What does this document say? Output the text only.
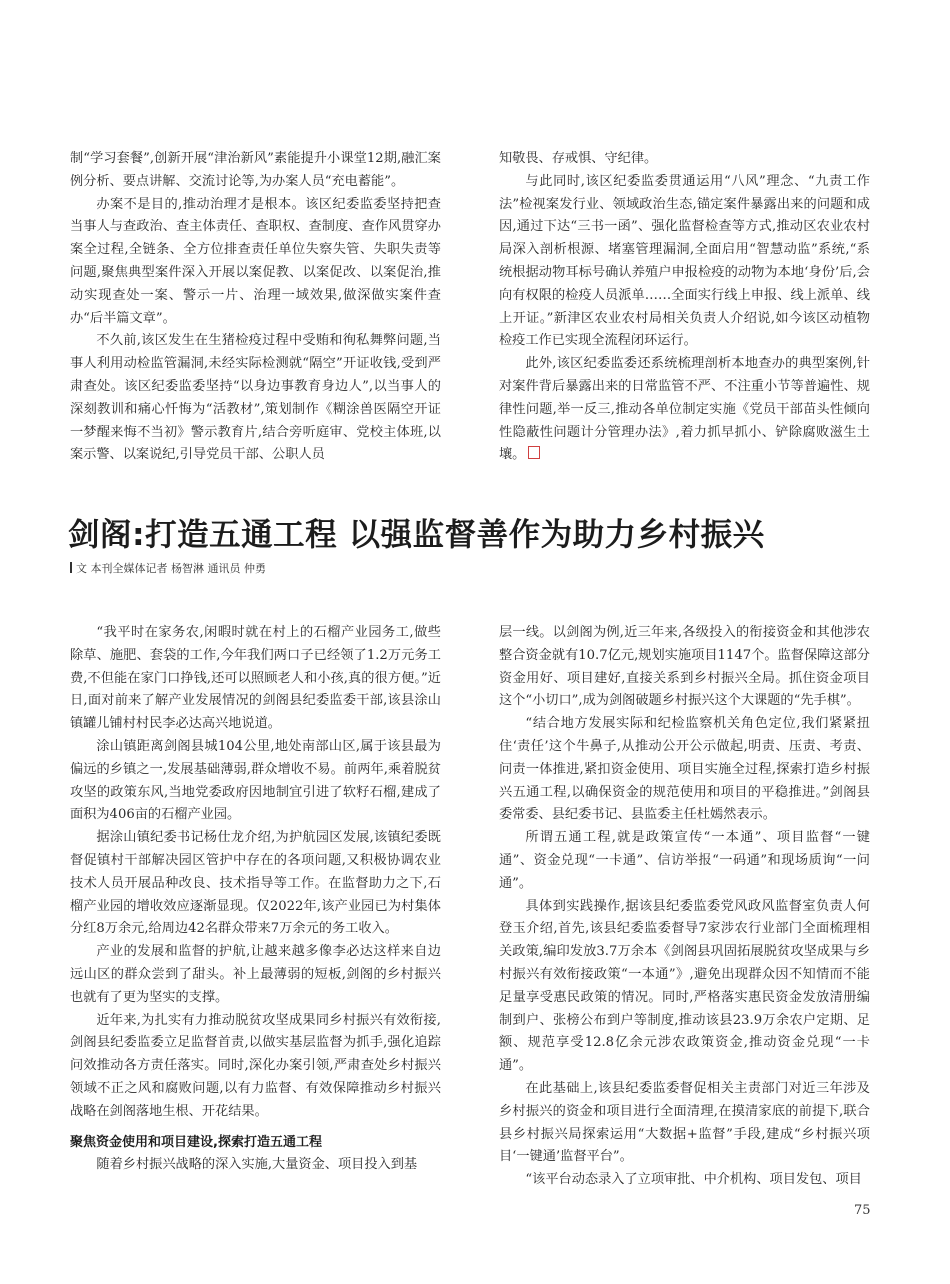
制“学习套餐”,创新开展“津治新风”素能提升小课堂12期,融汇案例分析、要点讲解、交流讨论等,为办案人员“充电蓄能”。

办案不是目的,推动治理才是根本。该区纪委监委坚持把查当事人与查政治、查主体责任、查职权、查制度、查作风贯穿办案全过程,全链条、全方位排查责任单位失察失管、失职失责等问题,聚焦典型案件深入开展以案促教、以案促改、以案促治,推动实现查处一案、警示一片、治理一域效果,做深做实案件查办“后半篇文章”。

不久前,该区发生在生猪检疫过程中受贿和徇私舞弊问题,当事人利用动检监管漏洞,未经实际检测就“隔空”开证收钱,受到严肃查处。该区纪委监委坚持“以身边事教育身边人”,以当事人的深刻教训和痛心忏悔为“活教材”,策划制作《糊涂兽医隔空开证 一梦醒来悔不当初》警示教育片,结合旁听庭审、党校主体班,以案示警、以案说纪,引导党员干部、公职人员

知敬畏、存戒惧、守纪律。

与此同时,该区纪委监委贯通运用“八风”理念、“九责工作法”检视案发行业、领域政治生态,锚定案件暴露出来的问题和成因,通过下达“三书一函”、强化监督检查等方式,推动区农业农村局深入剖析根源、堵塞管理漏洞,全面启用“智慧动监”系统,“系统根据动物耳标号确认养殖户申报检疫的动物为本地‘身份’后,会向有权限的检疫人员派单……全面实行线上申报、线上派单、线上开证。”新津区农业农村局相关负责人介绍说,如今该区动植物检疫工作已实现全流程闭环运行。

此外,该区纪委监委还系统梳理剖析本地查办的典型案例,针对案件背后暴露出来的日常监管不严、不注重小节等普遍性、规律性问题,举一反三,推动各单位制定实施《党员干部苗头性倾向性隐蔽性问题计分管理办法》,着力抓早抓小、铲除腐败滋生土壤。

剑阁:打造五通工程 以强监督善作为助力乡村振兴
文 本刊全媒体记者 杨智淋 通讯员 仲勇

“我平时在家务农,闲暇时就在村上的石榴产业园务工,做些除草、施肥、套袋的工作,今年我们两口子已经领了1.2万元务工费,不但能在家门口挣钱,还可以照顾老人和小孩,真的很方便。”近日,面对前来了解产业发展情况的剑阁县纪委监委干部,该县涂山镇罐儿铺村村民李必达高兴地说道。

涂山镇距离剑阁县城104公里,地处南部山区,属于该县最为偏远的乡镇之一,发展基础薄弱,群众增收不易。前两年,乘着脱贫攻坚的政策东风,当地党委政府因地制宜引进了软籽石榴,建成了面积为406亩的石榴产业园。

据涂山镇纪委书记杨仕龙介绍,为护航园区发展,该镇纪委既督促镇村干部解决园区管护中存在的各项问题,又积极协调农业技术人员开展品种改良、技术指导等工作。在监督助力之下,石榴产业园的增收效应逐渐显现。仅2022年,该产业园已为村集体分红8万余元,给周边42名群众带来7万余元的务工收入。

产业的发展和监督的护航,让越来越多像李必达这样来自边远山区的群众尝到了甜头。补上最薄弱的短板,剑阁的乡村振兴也就有了更为坚实的支撑。

近年来,为扎实有力推动脱贫攻坚成果同乡村振兴有效衔接,剑阁县纪委监委立足监督首责,以做实基层监督为抓手,强化追踪问效推动各方责任落实。同时,深化办案引领,严肃查处乡村振兴领域不正之风和腐败问题,以有力监督、有效保障推动乡村振兴战略在剑阁落地生根、开花结果。

聚焦资金使用和项目建设,探索打造五通工程

随着乡村振兴战略的深入实施,大量资金、项目投入到基

层一线。以剑阁为例,近三年来,各级投入的衔接资金和其他涉农整合资金就有10.7亿元,规划实施项目1147个。监督保障这部分资金用好、项目建好,直接关系到乡村振兴全局。抓住资金项目这个“小切口”,成为剑阁破题乡村振兴这个大课题的“先手棋”。

“结合地方发展实际和纪检监察机关角色定位,我们紧紧扭住‘责任’这个牛鼻子,从推动公开公示做起,明责、压责、考责、问责一体推进,紧扣资金使用、项目实施全过程,探索打造乡村振兴五通工程,以确保资金的规范使用和项目的平稳推进。”剑阁县委常委、县纪委书记、县监委主任杜嫣然表示。

所谓五通工程,就是政策宣传“一本通”、项目监督“一键通”、资金兑现“一卡通”、信访举报“一码通”和现场质询“一问通”。

具体到实践操作,据该县纪委监委党风政风监督室负责人何登玉介绍,首先,该县纪委监委督导7家涉农行业部门全面梳理相关政策,编印发放3.7万余本《剑阁县巩固拓展脱贫攻坚成果与乡村振兴有效衔接政策“一本通”》,避免出现群众因不知情而不能足量享受惠民政策的情况。同时,严格落实惠民资金发放清册编制到户、张榜公布到户等制度,推动该县23.9万余农户定期、足额、规范享受12.8亿余元涉农政策资金,推动资金兑现“一卡通”。

在此基础上,该县纪委监委督促相关主责部门对近三年涉及乡村振兴的资金和项目进行全面清理,在摸清家底的前提下,联合县乡村振兴局探索运用“大数据+监督”手段,建成“乡村振兴项目‘一键通’监督平台”。

“该平台动态录入了立项审批、中介机构、项目发包、项目

75
